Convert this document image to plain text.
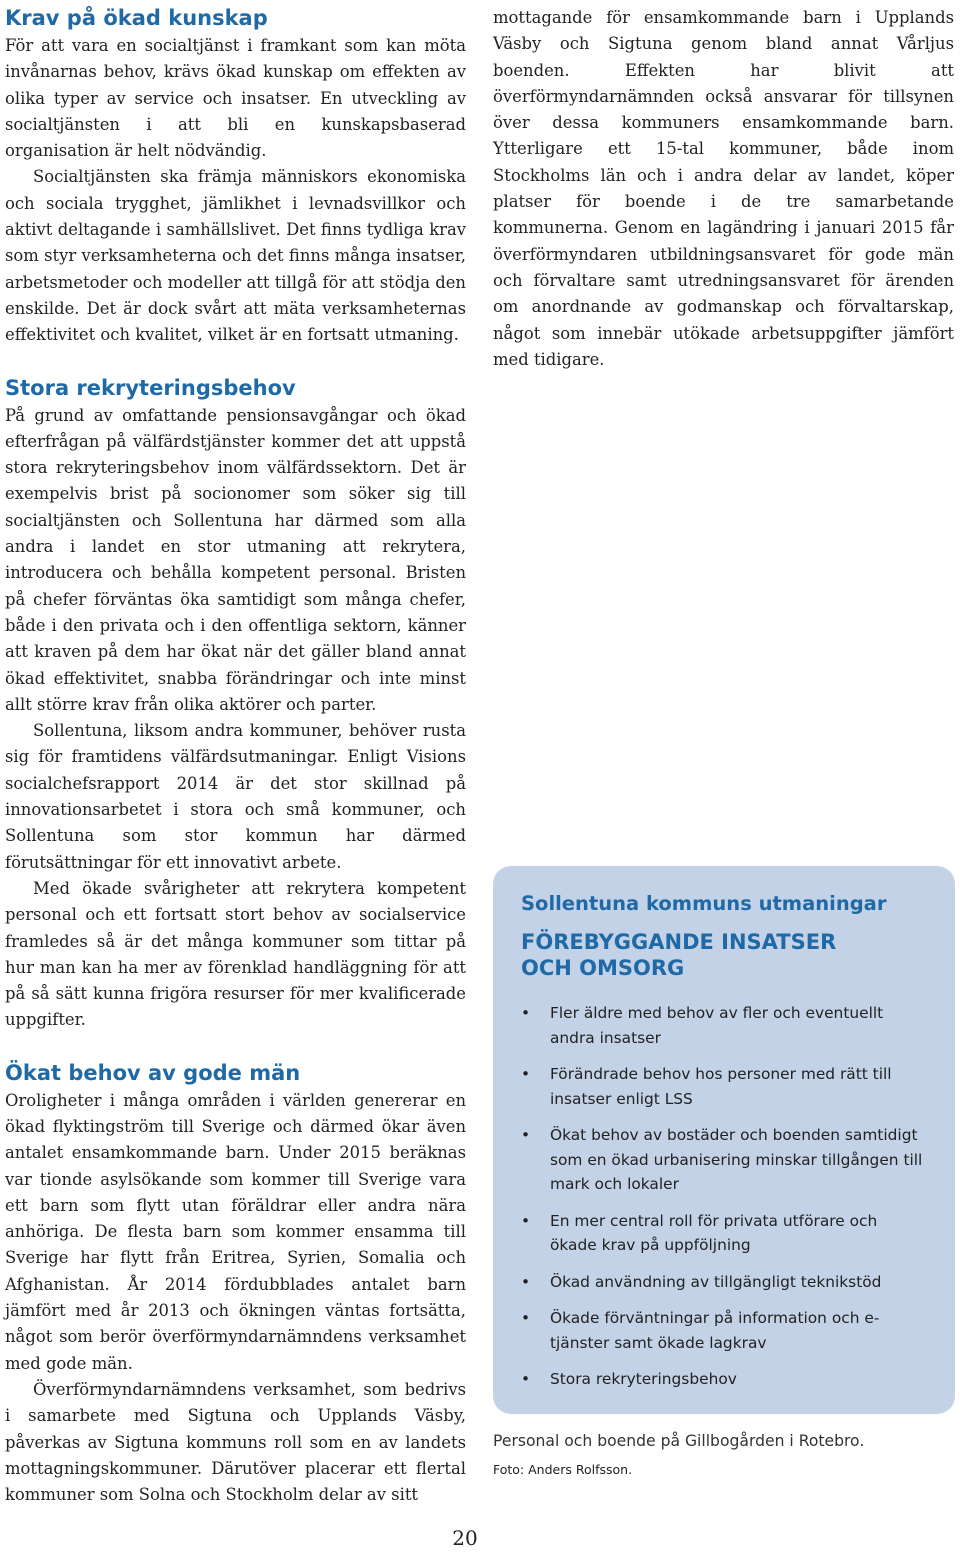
Krav på ökad kunskap

För att vara en socialtjänst i framkant som kan möta invånarnas behov, krävs ökad kunskap om effekten av olika typer av service och insatser. En utveckling av socialtjänsten i att bli en kunskapsbaserad organisation är helt nödvändig.

Socialtjänsten ska främja människors ekonomiska och sociala trygghet, jämlikhet i levnadsvillkor och aktivt deltagande i samhällslivet. Det finns tydliga krav som styr verksamheterna och det finns många insatser, arbetsmetoder och modeller att tillgå för att stödja den enskilde. Det är dock svårt att mäta verksamheternas effektivitet och kvalitet, vilket är en fortsatt utmaning.

Stora rekryteringsbehov

På grund av omfattande pensionsavgångar och ökad efterfrågan på välfärdstjänster kommer det att uppstå stora rekryteringsbehov inom välfärdssektorn. Det är exempelvis brist på socionomer som söker sig till socialtjänsten och Sollentuna har därmed som alla andra i landet en stor utmaning att rekrytera, introducera och behålla kompetent personal. Bristen på chefer förväntas öka samtidigt som många chefer, både i den privata och i den offentliga sektorn, känner att kraven på dem har ökat när det gäller bland annat ökad effektivitet, snabba förändringar och inte minst allt större krav från olika aktörer och parter.

Sollentuna, liksom andra kommuner, behöver rusta sig för framtidens välfärdsutmaningar. Enligt Visions socialchefsrapport 2014 är det stor skillnad på innovationsarbetet i stora och små kommuner, och Sollentuna som stor kommun har därmed förutsättningar för ett innovativt arbete.

Med ökade svårigheter att rekrytera kompetent personal och ett fortsatt stort behov av socialservice framledes så är det många kommuner som tittar på hur man kan ha mer av förenklad handläggning för att på så sätt kunna frigöra resurser för mer kvalificerade uppgifter.

Ökat behov av gode män

Oroligheter i många områden i världen genererar en ökad flyktingström till Sverige och därmed ökar även antalet ensamkommande barn. Under 2015 beräknas var tionde asylsökande som kommer till Sverige vara ett barn som flytt utan föräldrar eller andra nära anhöriga. De flesta barn som kommer ensamma till Sverige har flytt från Eritrea, Syrien, Somalia och Afghanistan. År 2014 fördubblades antalet barn jämfört med år 2013 och ökningen väntas fortsätta, något som berör överförmyndarnämndens verksamhet med gode män.

Överförmyndarnämndens verksamhet, som bedrivs i samarbete med Sigtuna och Upplands Väsby, påverkas av Sigtuna kommuns roll som en av landets mottagningskommuner. Därutöver placerar ett flertal kommuner som Solna och Stockholm delar av sitt

mottagande för ensamkommande barn i Upplands Väsby och Sigtuna genom bland annat Vårljus boenden. Effekten har blivit att överförmyndarnämnden också ansvarar för tillsynen över dessa kommuners ensamkommande barn. Ytterligare ett 15-tal kommuner, både inom Stockholms län och i andra delar av landet, köper platser för boende i de tre samarbetande kommunerna. Genom en lagändring i januari 2015 får överförmyndaren utbildningsansvaret för gode män och förvaltare samt utredningsansvaret för ärenden om anordnande av godmanskap och förvaltarskap, något som innebär utökade arbetsuppgifter jämfört med tidigare.

Sollentuna kommuns utmaningar
FÖREBYGGANDE INSATSER
OCH OMSORG
• Fler äldre med behov av fler och eventuellt andra insatser
• Förändrade behov hos personer med rätt till insatser enligt LSS
• Ökat behov av bostäder och boenden samtidigt som en ökad urbanisering minskar tillgången till mark och lokaler
• En mer central roll för privata utförare och ökade krav på uppföljning
• Ökad användning av tillgängligt teknikstöd
• Ökade förväntningar på information och e-tjänster samt ökade lagkrav
• Stora rekryteringsbehov
Personal och boende på Gillbogården i Rotebro.
Foto: Anders Rolfsson.
20
